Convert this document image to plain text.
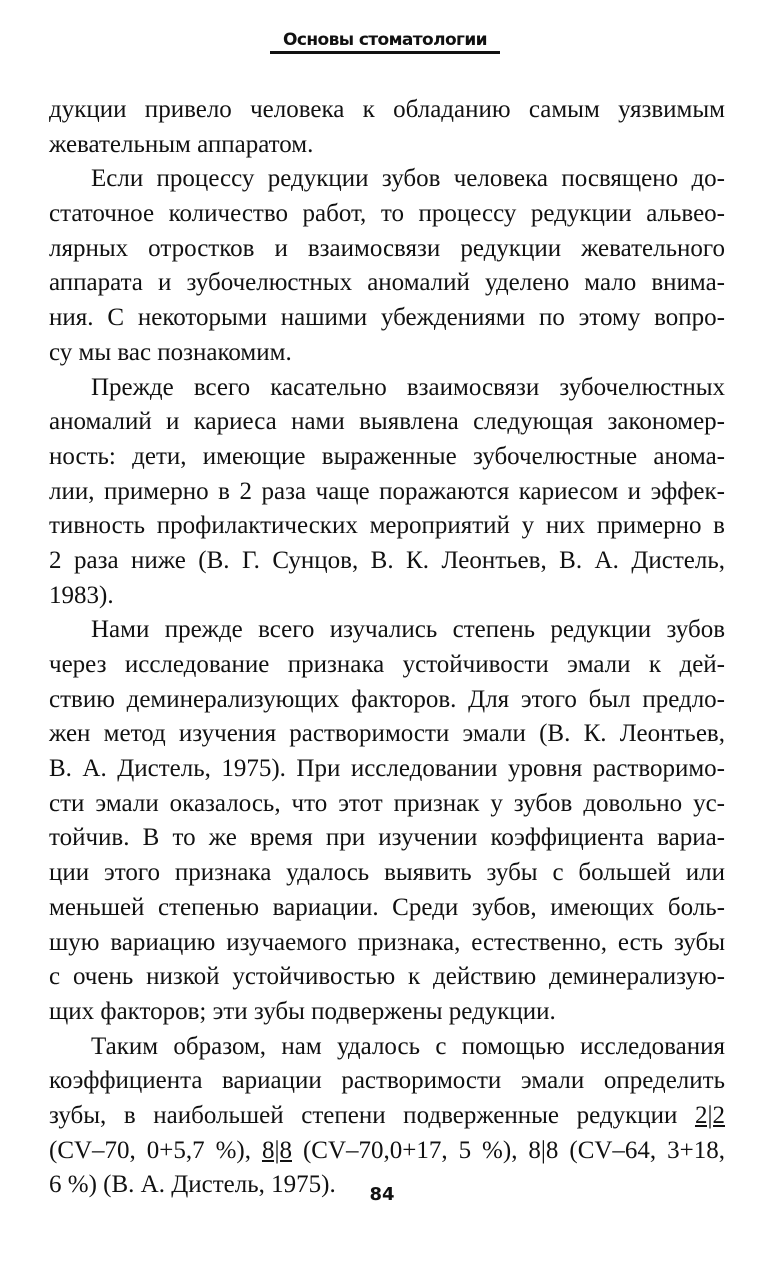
Основы стоматологии
дукции привело человека к обладанию самым уязвимым
жевательным аппаратом.
Если процессу редукции зубов человека посвящено до-
статочное количество работ, то процессу редукции альвео-
лярных отростков и взаимосвязи редукции жевательного
аппарата и зубочелюстных аномалий уделено мало внима-
ния. С некоторыми нашими убеждениями по этому вопро-
су мы вас познакомим.
Прежде всего касательно взаимосвязи зубочелюстных
аномалий и кариеса нами выявлена следующая закономер-
ность: дети, имеющие выраженные зубочелюстные анома-
лии, примерно в 2 раза чаще поражаются кариесом и эффек-
тивность профилактических мероприятий у них примерно в
2 раза ниже (В. Г. Сунцов, В. К. Леонтьев, В. А. Дистель,
1983).
Нами прежде всего изучались степень редукции зубов
через исследование признака устойчивости эмали к дей-
ствию деминерализующих факторов. Для этого был предло-
жен метод изучения растворимости эмали (В. К. Леонтьев,
В. А. Дистель, 1975). При исследовании уровня растворимо-
сти эмали оказалось, что этот признак у зубов довольно ус-
тойчив. В то же время при изучении коэффициента вариа-
ции этого признака удалось выявить зубы с большей или
меньшей степенью вариации. Среди зубов, имеющих боль-
шую вариацию изучаемого признака, естественно, есть зубы
с очень низкой устойчивостью к действию деминерализую-
щих факторов; эти зубы подвержены редукции.
Таким образом, нам удалось с помощью исследования
коэффициента вариации растворимости эмали определить
зубы, в наибольшей степени подверженные редукции 2|2
(CV–70, 0+5,7 %), 8|8 (CV–70,0+17, 5 %), 8|8 (CV–64, 3+18,
6 %) (В. А. Дистель, 1975).	84
